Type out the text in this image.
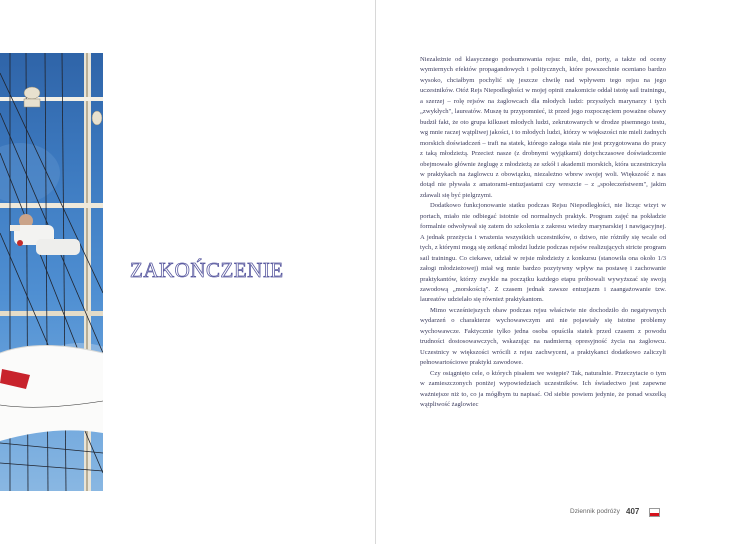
ZAKOŃCZENIE

Niezależnie od klasycznego podsumowania rejsu: mile, dni, porty, a także od oceny wymiernych efektów propagandowych i politycznych, które powszechnie oceniano bardzo wysoko, chciałbym pochylić się jeszcze chwilę nad wpływem tego rejsu na jego uczestników. Otóż Rejs Niepodległości w mojej opinii znakomicie oddał istotę sail trainingu, a szerzej – rolę rejsów na żaglowcach dla młodych ludzi: przyszłych marynarzy i tych „zwykłych", laureatów. Muszę tu przypomnieć, iż przed jego rozpoczęciem poważne obawy budził fakt, że oto grupa kilkuset młodych ludzi, zekrutowanych w drodze pisemnego testu, wg mnie raczej wątpliwej jakości, i to młodych ludzi, którzy w większości nie mieli żadnych morskich doświadczeń – trafi na statek, którego załoga stała nie jest przygotowana do pracy z taką młodzieżą. Przecież nasze (z drobnymi wyjątkami) dotychczasowe doświadczenie obejmowało głównie żeglugę z młodzieżą ze szkół i akademii morskich, która uczestniczyła w praktykach na żaglowcu z obowiązku, niezależno wbrew swojej woli. Większość z nas dotąd nie pływała z amatorami-entuzjastami czy wreszcie – z „społeczeństwem", jakim zdawali się być pielgrzymi.

Dodatkowo funkcjonowanie statku podczas Rejsu Niepodległości, nie licząc wizyt w portach, miało nie odbiegać istotnie od normalnych praktyk. Program zajęć na pokładzie formalnie odwoływał się zatem do szkolenia z zakresu wiedzy marynarskiej i nawigacyjnej. A jednak przeżycia i wrażenia wszystkich uczestników, o dziwo, nie różniły się wcale od tych, z którymi mogą się zetknąć młodzi ludzie podczas rejsów realizujących stricte program sail trainingu. Co ciekawe, udział w rejsie młodzieży z konkursu (stanowiła ona około 1/3 załogi młodzieżowej) miał wg mnie bardzo pozytywny wpływ na postawę i zachowanie praktykantów, którzy zwykle na początku każdego etapu próbowali wywyższać się swoją zawodową „morskością". Z czasem jednak zawsze entuzjazm i zaangażowanie tzw. laureatów udzielało się również praktykantom.

Mimo wcześniejszych obaw podczas rejsu właściwie nie dochodziło do negatywnych wydarzeń o charakterze wychowawczym ani nie pojawiały się istotne problemy wychowawcze. Faktycznie tylko jedna osoba opuściła statek przed czasem z powodu trudności dostosowawczych, wskazując na nadmierną opresyjność życia na żaglowcu. Uczestnicy w większości wrócili z rejsu zachwyceni, a praktykanci dodatkowo zaliczyli pełnowartościowe praktyki zawodowe.

Czy osiągnięto cele, o których pisałem we wstępie? Tak, naturalnie. Przeczytacie o tym w zamieszczonych poniżej wypowiedziach uczestników. Ich świadectwo jest zapewne ważniejsze niż to, co ja mógłbym tu napisać. Od siebie powiem jedynie, że ponad wszelką wątpliwość żaglowiec

Dziennik podróży 407
